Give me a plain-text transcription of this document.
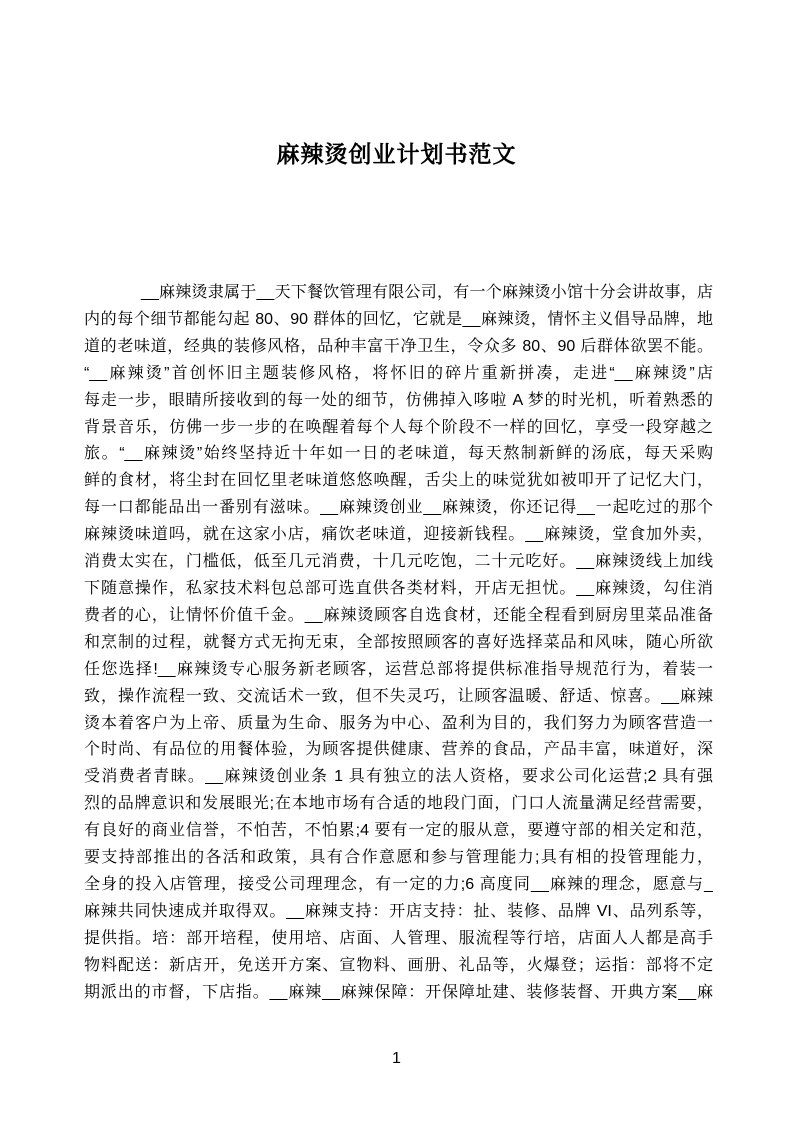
麻辣烫创业计划书范文
__麻辣烫隶属于__天下餐饮管理有限公司，有一个麻辣烫小馆十分会讲故事，店
内的每个细节都能勾起 80、90 群体的回忆，它就是__麻辣烫，情怀主义倡导品牌，地
道的老味道，经典的装修风格，品种丰富干净卫生，令众多 80、90 后群体欲罢不能。
“__麻辣烫”首创怀旧主题装修风格，将怀旧的碎片重新拼凑，走进“__麻辣烫”店
每走一步，眼睛所接收到的每一处的细节，仿佛掉入哆啦 A 梦的时光机，听着熟悉的
背景音乐，仿佛一步一步的在唤醒着每个人每个阶段不一样的回忆，享受一段穿越之
旅。“__麻辣烫”始终坚持近十年如一日的老味道，每天熬制新鲜的汤底，每天采购
鲜的食材，将尘封在回忆里老味道悠悠唤醒，舌尖上的味觉犹如被叩开了记忆大门，
每一口都能品出一番别有滋味。__麻辣烫创业__麻辣烫，你还记得__一起吃过的那个
麻辣烫味道吗，就在这家小店，痛饮老味道，迎接新钱程。__麻辣烫，堂食加外卖，
消费太实在，门槛低，低至几元消费，十几元吃饱，二十元吃好。__麻辣烫线上加线
下随意操作，私家技术料包总部可选直供各类材料，开店无担忧。__麻辣烫，勾住消
费者的心，让情怀价值千金。__麻辣烫顾客自选食材，还能全程看到厨房里菜品准备
和烹制的过程，就餐方式无拘无束，全部按照顾客的喜好选择菜品和风味，随心所欲
任您选择!__麻辣烫专心服务新老顾客，运营总部将提供标准指导规范行为，着装一
致，操作流程一致、交流话术一致，但不失灵巧，让顾客温暖、舒适、惊喜。__麻辣
烫本着客户为上帝、质量为生命、服务为中心、盈利为目的，我们努力为顾客营造一
个时尚、有品位的用餐体验，为顾客提供健康、营养的食品，产品丰富，味道好，深
受消费者青睐。__麻辣烫创业条 1 具有独立的法人资格，要求公司化运营;2 具有强
烈的品牌意识和发展眼光;在本地市场有合适的地段门面，门口人流量满足经营需要，
有良好的商业信誉，不怕苦，不怕累;4 要有一定的服从意，要遵守部的相关定和范，
要支持部推出的各活和政策，具有合作意愿和参与管理能力;具有相的投管理能力，
全身的投入店管理，接受公司理理念，有一定的力;6 高度同__麻辣的理念，愿意与_
麻辣共同快速成并取得双。__麻辣支持：开店支持：扯、装修、品牌 VI、品列系等，
提供指。培：部开培程，使用培、店面、人管理、服流程等行培，店面人人都是高手
物料配送：新店开，免送开方案、宣物料、画册、礼品等，火爆登；运指：部将不定
期派出的市督，下店指。__麻辣__麻辣保障：开保障址建、装修装督、开典方案__麻
1
